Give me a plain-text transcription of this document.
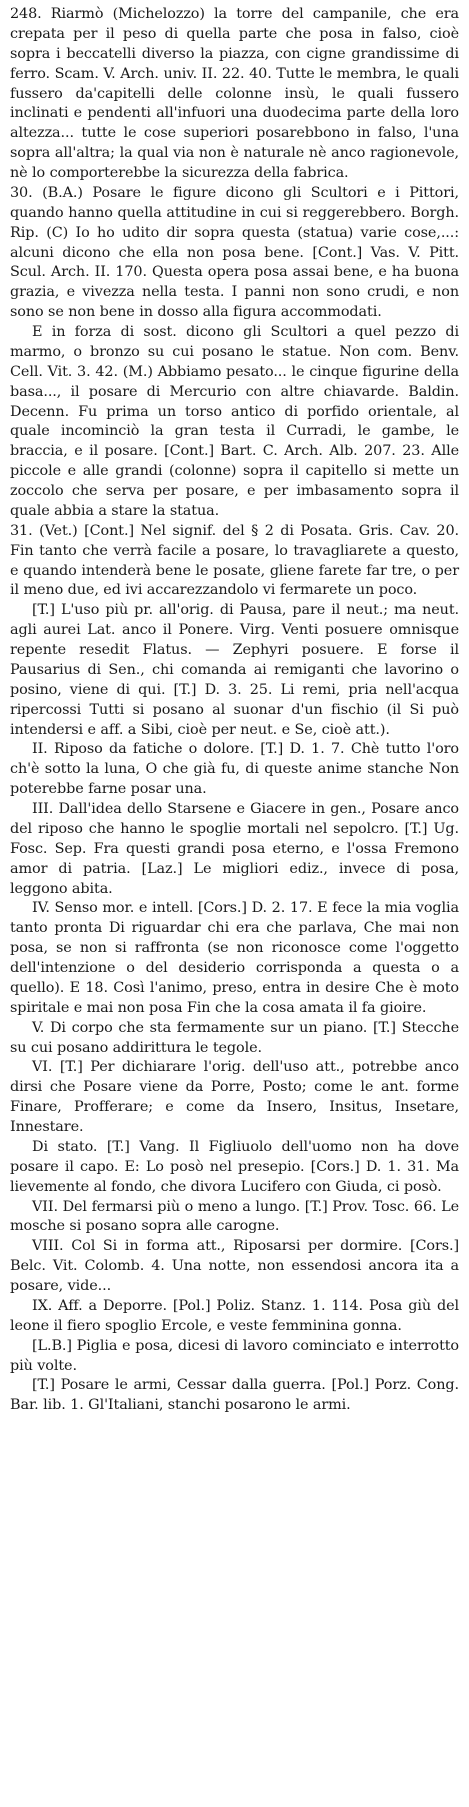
248. Riarmò (Michelozzo) la torre del campanile, che era crepata per il peso di quella parte che posa in falso, cioè sopra i beccatelli diverso la piazza, con cigne grandissime di ferro. Scam. V. Arch. univ. II. 22. 40. Tutte le membra, le quali fussero da'capitelli delle colonne insù, le quali fussero inclinati e pendenti all'infuori una duodecima parte della loro altezza... tutte le cose superiori posarebbono in falso, l'una sopra all'altra; la qual via non è naturale nè anco ragionevole, nè lo comporterebbe la sicurezza della fabrica.

30. (B.A.) Posare le figure dicono gli Scultori e i Pittori, quando hanno quella attitudine in cui si reggerebbero. Borgh. Rip. (C) Io ho udito dir sopra questa (statua) varie cose,...: alcuni dicono che ella non posa bene. [Cont.] Vas. V. Pitt. Scul. Arch. II. 170. Questa opera posa assai bene, e ha buona grazia, e vivezza nella testa. I panni non sono crudi, e non sono se non bene in dosso alla figura accommodati.

E in forza di sost. dicono gli Scultori a quel pezzo di marmo, o bronzo su cui posano le statue. Non com. Benv. Cell. Vit. 3. 42. (M.) Abbiamo pesato... le cinque figurine della basa..., il posare di Mercurio con altre chiavarde. Baldin. Decenn. Fu prima un torso antico di porfido orientale, al quale incominciò la gran testa il Curradi, le gambe, le braccia, e il posare. [Cont.] Bart. C. Arch. Alb. 207. 23. Alle piccole e alle grandi (colonne) sopra il capitello si mette un zoccolo che serva per posare, e per imbasamento sopra il quale abbia a stare la statua.

31. (Vet.) [Cont.] Nel signif. del § 2 di Posata. Gris. Cav. 20. Fin tanto che verrà facile a posare, lo travagliarete a questo, e quando intenderà bene le posate, gliene farete far tre, o per il meno due, ed ivi accarezzandolo vi fermarete un poco.

[T.] L'uso più pr. all'orig. di Pausa, pare il neut.; ma neut. agli aurei Lat. anco il Ponere. Virg. Venti posuere omnisque repente resedit Flatus. — Zephyri posuere. E forse il Pausarius di Sen., chi comanda ai remiganti che lavorino o posino, viene di qui. [T.] D. 3. 25. Li remi, pria nell'acqua ripercossi Tutti si posano al suonar d'un fischio (il Si può intendersi e aff. a Sibi, cioè per neut. e Se, cioè att.).

II. Riposo da fatiche o dolore. [T.] D. 1. 7. Chè tutto l'oro ch'è sotto la luna, O che già fu, di queste anime stanche Non poterebbe farne posar una.

III. Dall'idea dello Starsene e Giacere in gen., Posare anco del riposo che hanno le spoglie mortali nel sepolcro. [T.] Ug. Fosc. Sep. Fra questi grandi posa eterno, e l'ossa Fremono amor di patria. [Laz.] Le migliori ediz., invece di posa, leggono abita.

IV. Senso mor. e intell. [Cors.] D. 2. 17. E fece la mia voglia tanto pronta Di riguardar chi era che parlava, Che mai non posa, se non si raffronta (se non riconosce come l'oggetto dell'intenzione o del desiderio corrisponda a questa o a quello). E 18. Così l'animo, preso, entra in desire Che è moto spiritale e mai non posa Fin che la cosa amata il fa gioire.

V. Di corpo che sta fermamente sur un piano. [T.] Stecche su cui posano addirittura le tegole.

VI. [T.] Per dichiarare l'orig. dell'uso att., potrebbe anco dirsi che Posare viene da Porre, Posto; come le ant. forme Finare, Profferare; e come da Insero, Insitus, Insetare, Innestare.

Di stato. [T.] Vang. Il Figliuolo dell'uomo non ha dove posare il capo. E: Lo posò nel presepio. [Cors.] D. 1. 31. Ma lievemente al fondo, che divora Lucifero con Giuda, ci posò.

VII. Del fermarsi più o meno a lungo. [T.] Prov. Tosc. 66. Le mosche si posano sopra alle carogne.

VIII. Col Si in forma att., Riposarsi per dormire. [Cors.] Belc. Vit. Colomb. 4. Una notte, non essendosi ancora ita a posare, vide...

IX. Aff. a Deporre. [Pol.] Poliz. Stanz. 1. 114. Posa giù del leone il fiero spoglio Ercole, e veste femminina gonna.

[L.B.] Piglia e posa, dicesi di lavoro cominciato e interrotto più volte.

[T.] Posare le armi, Cessar dalla guerra. [Pol.] Porz. Cong. Bar. lib. 1. Gl'Italiani, stanchi posarono le armi.
